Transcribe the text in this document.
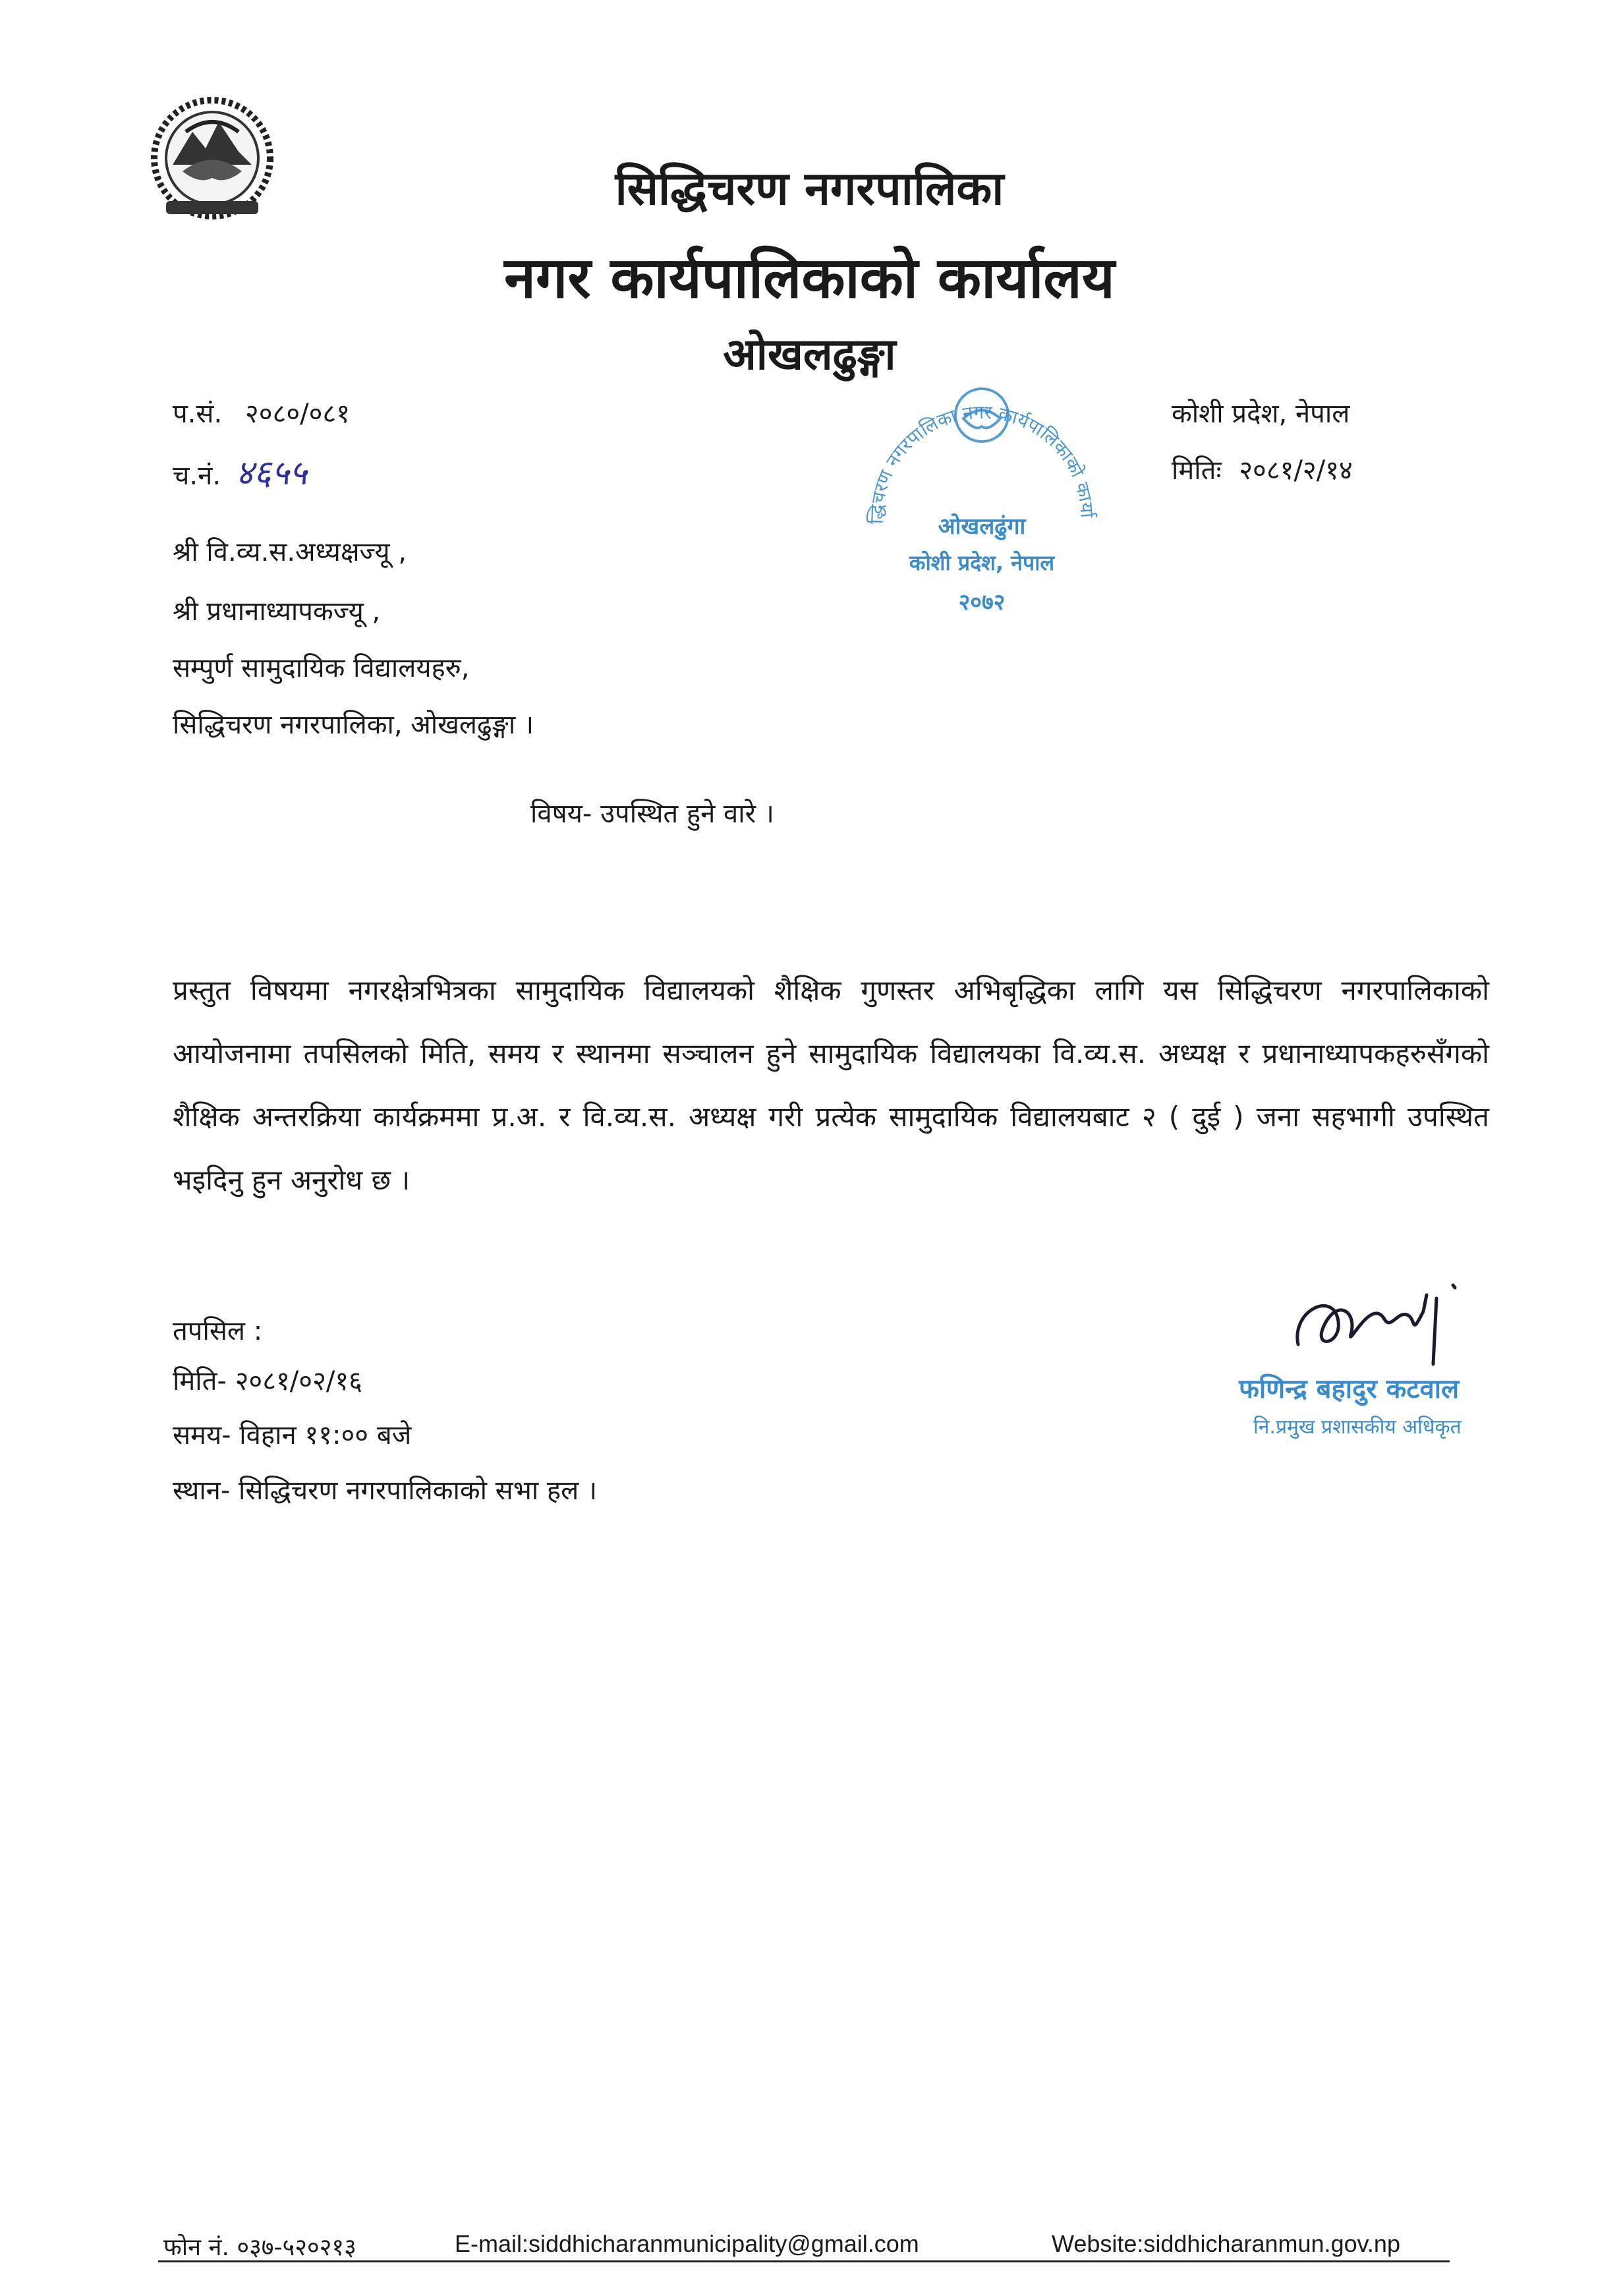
सिद्धिचरण नगरपालिका
नगर कार्यपालिकाको कार्यालय
ओखलढुङ्गा
प.सं. २०८०/०८१
च.नं. ४६५५
कोशी प्रदेश, नेपाल
मितिः २०८१/२/१४
द्धिचरण नगरपालिका नगर कार्यपालिकाको कार्या
ओखलढुंगा
कोशी प्रदेश, नेपाल
२०७२
श्री वि.व्य.स.अध्यक्षज्यू ,
श्री प्रधानाध्यापकज्यू ,
सम्पुर्ण सामुदायिक विद्यालयहरु,
सिद्धिचरण नगरपालिका, ओखलढुङ्गा ।
विषय- उपस्थित हुने वारे ।
प्रस्तुत विषयमा नगरक्षेत्रभित्रका सामुदायिक विद्यालयको शैक्षिक गुणस्तर अभिबृद्धिका लागि यस सिद्धिचरण नगरपालिकाको आयोजनामा तपसिलको मिति, समय र स्थानमा सञ्चालन हुने सामुदायिक विद्यालयका वि.व्य.स. अध्यक्ष र प्रधानाध्यापकहरुसँगको शैक्षिक अन्तरक्रिया कार्यक्रममा प्र.अ. र वि.व्य.स. अध्यक्ष गरी प्रत्येक सामुदायिक विद्यालयबाट २ ( दुई ) जना सहभागी उपस्थित भइदिनु हुन अनुरोध छ ।
तपसिल :
मिति- २०८१/०२/१६
समय- विहान ११:०० बजे
स्थान- सिद्धिचरण नगरपालिकाको सभा हल ।
फणिन्द्र बहादुर कटवाल
नि.प्रमुख प्रशासकीय अधिकृत
फोन नं. ०३७-५२०२१३	E-mail:siddhicharanmunicipality@gmail.com	Website:siddhicharanmun.gov.np
